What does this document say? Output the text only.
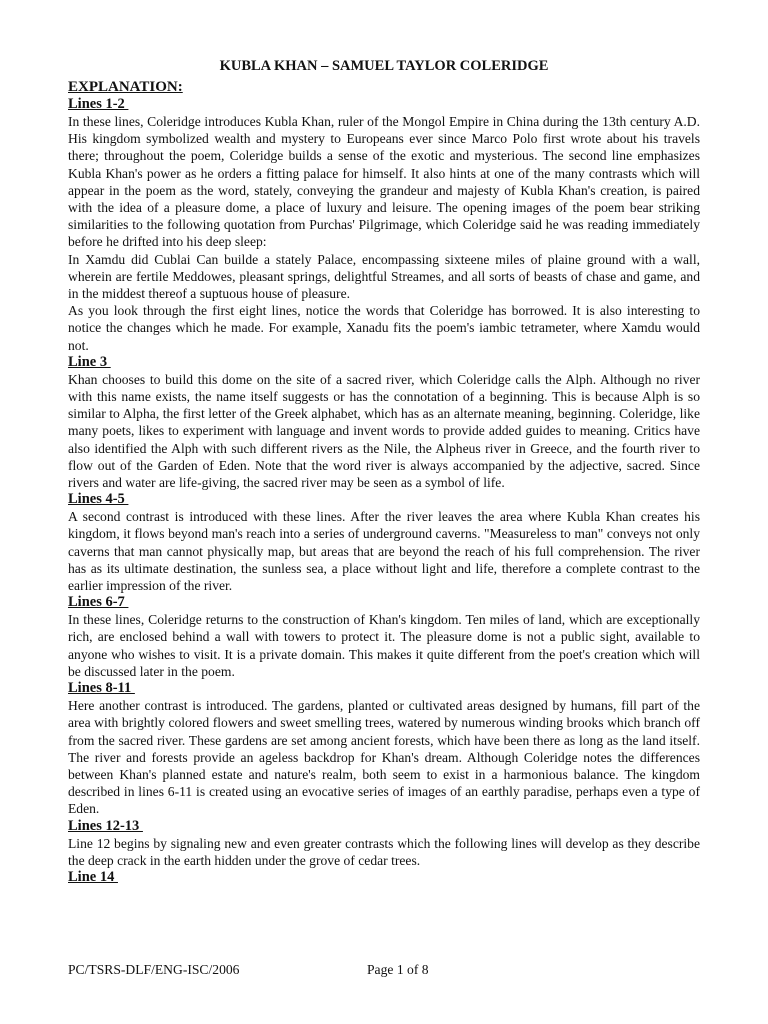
KUBLA KHAN – SAMUEL TAYLOR COLERIDGE
EXPLANATION:
Lines 1-2

In these lines, Coleridge introduces Kubla Khan, ruler of the Mongol Empire in China during the 13th century A.D. His kingdom symbolized wealth and mystery to Europeans ever since Marco Polo first wrote about his travels there; throughout the poem, Coleridge builds a sense of the exotic and mysterious. The second line emphasizes Kubla Khan's power as he orders a fitting palace for himself. It also hints at one of the many contrasts which will appear in the poem as the word, stately, conveying the grandeur and majesty of Kubla Khan's creation, is paired with the idea of a pleasure dome, a place of luxury and leisure. The opening images of the poem bear striking similarities to the following quotation from Purchas' Pilgrimage, which Coleridge said he was reading immediately before he drifted into his deep sleep:

In Xamdu did Cublai Can builde a stately Palace, encompassing sixteene miles of plaine ground with a wall, wherein are fertile Meddowes, pleasant springs, delightful Streames, and all sorts of beasts of chase and game, and in the middest thereof a suptuous house of pleasure.

As you look through the first eight lines, notice the words that Coleridge has borrowed. It is also interesting to notice the changes which he made. For example, Xanadu fits the poem's iambic tetrameter, where Xamdu would not.

Line 3

Khan chooses to build this dome on the site of a sacred river, which Coleridge calls the Alph. Although no river with this name exists, the name itself suggests or has the connotation of a beginning. This is because Alph is so similar to Alpha, the first letter of the Greek alphabet, which has as an alternate meaning, beginning. Coleridge, like many poets, likes to experiment with language and invent words to provide added guides to meaning. Critics have also identified the Alph with such different rivers as the Nile, the Alpheus river in Greece, and the fourth river to flow out of the Garden of Eden. Note that the word river is always accompanied by the adjective, sacred. Since rivers and water are life-giving, the sacred river may be seen as a symbol of life.

Lines 4-5

A second contrast is introduced with these lines. After the river leaves the area where Kubla Khan creates his kingdom, it flows beyond man's reach into a series of underground caverns. "Measureless to man" conveys not only caverns that man cannot physically map, but areas that are beyond the reach of his full comprehension. The river has as its ultimate destination, the sunless sea, a place without light and life, therefore a complete contrast to the earlier impression of the river.

Lines 6-7

In these lines, Coleridge returns to the construction of Khan's kingdom. Ten miles of land, which are exceptionally rich, are enclosed behind a wall with towers to protect it. The pleasure dome is not a public sight, available to anyone who wishes to visit. It is a private domain. This makes it quite different from the poet's creation which will be discussed later in the poem.

Lines 8-11

Here another contrast is introduced. The gardens, planted or cultivated areas designed by humans, fill part of the area with brightly colored flowers and sweet smelling trees, watered by numerous winding brooks which branch off from the sacred river. These gardens are set among ancient forests, which have been there as long as the land itself. The river and forests provide an ageless backdrop for Khan's dream. Although Coleridge notes the differences between Khan's planned estate and nature's realm, both seem to exist in a harmonious balance. The kingdom described in lines 6-11 is created using an evocative series of images of an earthly paradise, perhaps even a type of Eden.

Lines 12-13

Line 12 begins by signaling new and even greater contrasts which the following lines will develop as they describe the deep crack in the earth hidden under the grove of cedar trees.

Line 14
PC/TSRS-DLF/ENG-ISC/2006	Page 1 of 8
